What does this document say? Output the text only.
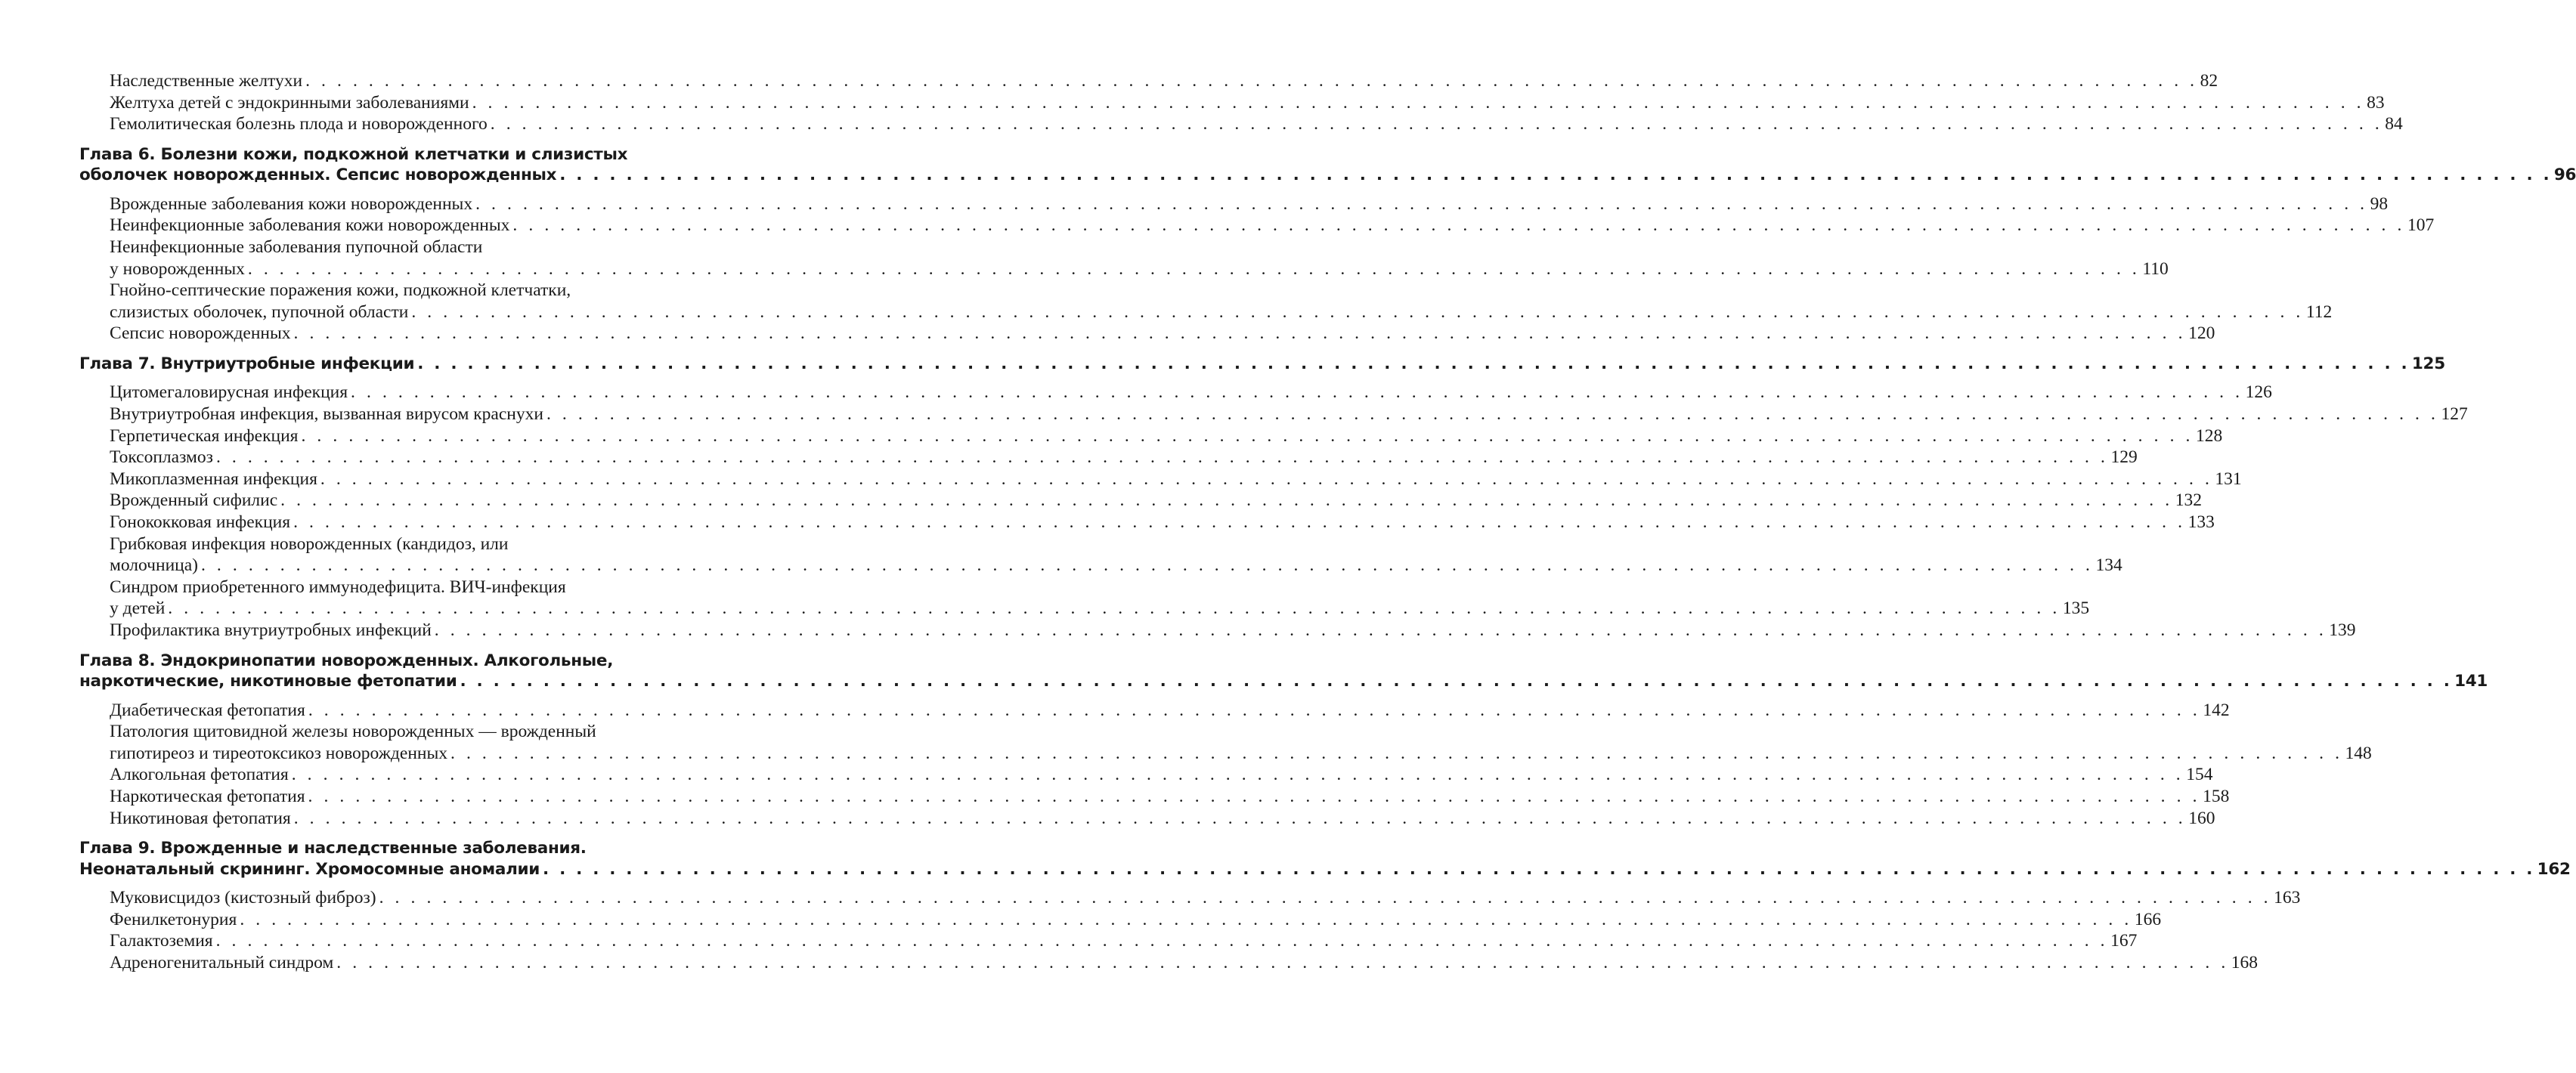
Наследственные желтухи . . . . . . . . . . . . . . . . . . . . . . . . . . . . . . . . . . . . . . . . . . . . . . . . . . . . . . . . . . . . . . . . . . . . . . . . . . . . . . . . . . . . . . . . . . . . . . . . . . . . . . . . . . . . . . . . . . . . . . . . 82
Желтуха детей с эндокринными заболеваниями . . . . . . . . . . . . . . . . . . . . . . . . . . . . . . . . . . . . . . . . . . . . . . . . . . . . . . . . . . . . . . . . . . . . . . . . . . . . . . . . . . . . . . . . . . . . . . . . . . . . . . . . . . . . . . . . . . . . . . . . 83
Гемолитическая болезнь плода и новорожденного . . . . . . . . . . . . . . . . . . . . . . . . . . . . . . . . . . . . . . . . . . . . . . . . . . . . . . . . . . . . . . . . . . . . . . . . . . . . . . . . . . . . . . . . . . . . . . . . . . . . . . . . . . . . . . . . . . . . . . . . 84
Глава 6. Болезни кожи, подкожной клетчатки и слизистых
оболочек новорожденных. Сепсис новорожденных . . . . . . . . . . . . . . . . . . . . . . . . . . . . . . . . . . . . . . . . . . . . . . . . . . . . . . . . . . . . . . . . . . . . . . . . . . . . . . . . . . . . . . . . . . . . . . . . . . . . . . . . . . . . . . . . . . . . . . . . 96
Врожденные заболевания кожи новорожденных . . . . . . . . . . . . . . . . . . . . . . . . . . . . . . . . . . . . . . . . . . . . . . . . . . . . . . . . . . . . . . . . . . . . . . . . . . . . . . . . . . . . . . . . . . . . . . . . . . . . . . . . . . . . . . . . . . . . . . . . 98
Неинфекционные заболевания кожи новорожденных . . . . . . . . . . . . . . . . . . . . . . . . . . . . . . . . . . . . . . . . . . . . . . . . . . . . . . . . . . . . . . . . . . . . . . . . . . . . . . . . . . . . . . . . . . . . . . . . . . . . . . . . . . . . . . . . . . . . . . . . 107
Неинфекционные заболевания пупочной области
у новорожденных . . . . . . . . . . . . . . . . . . . . . . . . . . . . . . . . . . . . . . . . . . . . . . . . . . . . . . . . . . . . . . . . . . . . . . . . . . . . . . . . . . . . . . . . . . . . . . . . . . . . . . . . . . . . . . . . . . . . . . . . 110
Гнойно-септические поражения кожи, подкожной клетчатки,
слизистых оболочек, пупочной области . . . . . . . . . . . . . . . . . . . . . . . . . . . . . . . . . . . . . . . . . . . . . . . . . . . . . . . . . . . . . . . . . . . . . . . . . . . . . . . . . . . . . . . . . . . . . . . . . . . . . . . . . . . . . . . . . . . . . . . . 112
Сепсис новорожденных . . . . . . . . . . . . . . . . . . . . . . . . . . . . . . . . . . . . . . . . . . . . . . . . . . . . . . . . . . . . . . . . . . . . . . . . . . . . . . . . . . . . . . . . . . . . . . . . . . . . . . . . . . . . . . . . . . . . . . . . 120
Глава 7. Внутриутробные инфекции . . . . . . . . . . . . . . . . . . . . . . . . . . . . . . . . . . . . . . . . . . . . . . . . . . . . . . . . . . . . . . . . . . . . . . . . . . . . . . . . . . . . . . . . . . . . . . . . . . . . . . . . . . . . . . . . . . . . . . . . 125
Цитомегаловирусная инфекция . . . . . . . . . . . . . . . . . . . . . . . . . . . . . . . . . . . . . . . . . . . . . . . . . . . . . . . . . . . . . . . . . . . . . . . . . . . . . . . . . . . . . . . . . . . . . . . . . . . . . . . . . . . . . . . . . . . . . . . . 126
Внутриутробная инфекция, вызванная вирусом краснухи . . . . . . . . . . . . . . . . . . . . . . . . . . . . . . . . . . . . . . . . . . . . . . . . . . . . . . . . . . . . . . . . . . . . . . . . . . . . . . . . . . . . . . . . . . . . . . . . . . . . . . . . . . . . . . . . . . . . . . . . 127
Герпетическая инфекция . . . . . . . . . . . . . . . . . . . . . . . . . . . . . . . . . . . . . . . . . . . . . . . . . . . . . . . . . . . . . . . . . . . . . . . . . . . . . . . . . . . . . . . . . . . . . . . . . . . . . . . . . . . . . . . . . . . . . . . . 128
Токсоплазмоз . . . . . . . . . . . . . . . . . . . . . . . . . . . . . . . . . . . . . . . . . . . . . . . . . . . . . . . . . . . . . . . . . . . . . . . . . . . . . . . . . . . . . . . . . . . . . . . . . . . . . . . . . . . . . . . . . . . . . . . . 129
Микоплазменная инфекция . . . . . . . . . . . . . . . . . . . . . . . . . . . . . . . . . . . . . . . . . . . . . . . . . . . . . . . . . . . . . . . . . . . . . . . . . . . . . . . . . . . . . . . . . . . . . . . . . . . . . . . . . . . . . . . . . . . . . . . . 131
Врожденный сифилис . . . . . . . . . . . . . . . . . . . . . . . . . . . . . . . . . . . . . . . . . . . . . . . . . . . . . . . . . . . . . . . . . . . . . . . . . . . . . . . . . . . . . . . . . . . . . . . . . . . . . . . . . . . . . . . . . . . . . . . . 132
Гонококковая инфекция . . . . . . . . . . . . . . . . . . . . . . . . . . . . . . . . . . . . . . . . . . . . . . . . . . . . . . . . . . . . . . . . . . . . . . . . . . . . . . . . . . . . . . . . . . . . . . . . . . . . . . . . . . . . . . . . . . . . . . . . 133
Грибковая инфекция новорожденных (кандидоз, или
молочница) . . . . . . . . . . . . . . . . . . . . . . . . . . . . . . . . . . . . . . . . . . . . . . . . . . . . . . . . . . . . . . . . . . . . . . . . . . . . . . . . . . . . . . . . . . . . . . . . . . . . . . . . . . . . . . . . . . . . . . . . 134
Синдром приобретенного иммунодефицита. ВИЧ-инфекция
у детей . . . . . . . . . . . . . . . . . . . . . . . . . . . . . . . . . . . . . . . . . . . . . . . . . . . . . . . . . . . . . . . . . . . . . . . . . . . . . . . . . . . . . . . . . . . . . . . . . . . . . . . . . . . . . . . . . . . . . . . . 135
Профилактика внутриутробных инфекций . . . . . . . . . . . . . . . . . . . . . . . . . . . . . . . . . . . . . . . . . . . . . . . . . . . . . . . . . . . . . . . . . . . . . . . . . . . . . . . . . . . . . . . . . . . . . . . . . . . . . . . . . . . . . . . . . . . . . . . . 139
Глава 8. Эндокринопатии новорожденных. Алкогольные,
наркотические, никотиновые фетопатии . . . . . . . . . . . . . . . . . . . . . . . . . . . . . . . . . . . . . . . . . . . . . . . . . . . . . . . . . . . . . . . . . . . . . . . . . . . . . . . . . . . . . . . . . . . . . . . . . . . . . . . . . . . . . . . . . . . . . . . . 141
Диабетическая фетопатия . . . . . . . . . . . . . . . . . . . . . . . . . . . . . . . . . . . . . . . . . . . . . . . . . . . . . . . . . . . . . . . . . . . . . . . . . . . . . . . . . . . . . . . . . . . . . . . . . . . . . . . . . . . . . . . . . . . . . . . . 142
Патология щитовидной железы новорожденных — врожденный
гипотиреоз и тиреотоксикоз новорожденных . . . . . . . . . . . . . . . . . . . . . . . . . . . . . . . . . . . . . . . . . . . . . . . . . . . . . . . . . . . . . . . . . . . . . . . . . . . . . . . . . . . . . . . . . . . . . . . . . . . . . . . . . . . . . . . . . . . . . . . . 148
Алкогольная фетопатия . . . . . . . . . . . . . . . . . . . . . . . . . . . . . . . . . . . . . . . . . . . . . . . . . . . . . . . . . . . . . . . . . . . . . . . . . . . . . . . . . . . . . . . . . . . . . . . . . . . . . . . . . . . . . . . . . . . . . . . . 154
Наркотическая фетопатия . . . . . . . . . . . . . . . . . . . . . . . . . . . . . . . . . . . . . . . . . . . . . . . . . . . . . . . . . . . . . . . . . . . . . . . . . . . . . . . . . . . . . . . . . . . . . . . . . . . . . . . . . . . . . . . . . . . . . . . . 158
Никотиновая фетопатия . . . . . . . . . . . . . . . . . . . . . . . . . . . . . . . . . . . . . . . . . . . . . . . . . . . . . . . . . . . . . . . . . . . . . . . . . . . . . . . . . . . . . . . . . . . . . . . . . . . . . . . . . . . . . . . . . . . . . . . . 160
Глава 9. Врожденные и наследственные заболевания.
Неонатальный скрининг. Хромосомные аномалии . . . . . . . . . . . . . . . . . . . . . . . . . . . . . . . . . . . . . . . . . . . . . . . . . . . . . . . . . . . . . . . . . . . . . . . . . . . . . . . . . . . . . . . . . . . . . . . . . . . . . . . . . . . . . . . . . . . . . . . . 162
Муковисцидоз (кистозный фиброз) . . . . . . . . . . . . . . . . . . . . . . . . . . . . . . . . . . . . . . . . . . . . . . . . . . . . . . . . . . . . . . . . . . . . . . . . . . . . . . . . . . . . . . . . . . . . . . . . . . . . . . . . . . . . . . . . . . . . . . . . 163
Фенилкетонурия . . . . . . . . . . . . . . . . . . . . . . . . . . . . . . . . . . . . . . . . . . . . . . . . . . . . . . . . . . . . . . . . . . . . . . . . . . . . . . . . . . . . . . . . . . . . . . . . . . . . . . . . . . . . . . . . . . . . . . . . 166
Галактоземия . . . . . . . . . . . . . . . . . . . . . . . . . . . . . . . . . . . . . . . . . . . . . . . . . . . . . . . . . . . . . . . . . . . . . . . . . . . . . . . . . . . . . . . . . . . . . . . . . . . . . . . . . . . . . . . . . . . . . . . . 167
Адреногенитальный синдром . . . . . . . . . . . . . . . . . . . . . . . . . . . . . . . . . . . . . . . . . . . . . . . . . . . . . . . . . . . . . . . . . . . . . . . . . . . . . . . . . . . . . . . . . . . . . . . . . . . . . . . . . . . . . . . . . . . . . . . . 168
